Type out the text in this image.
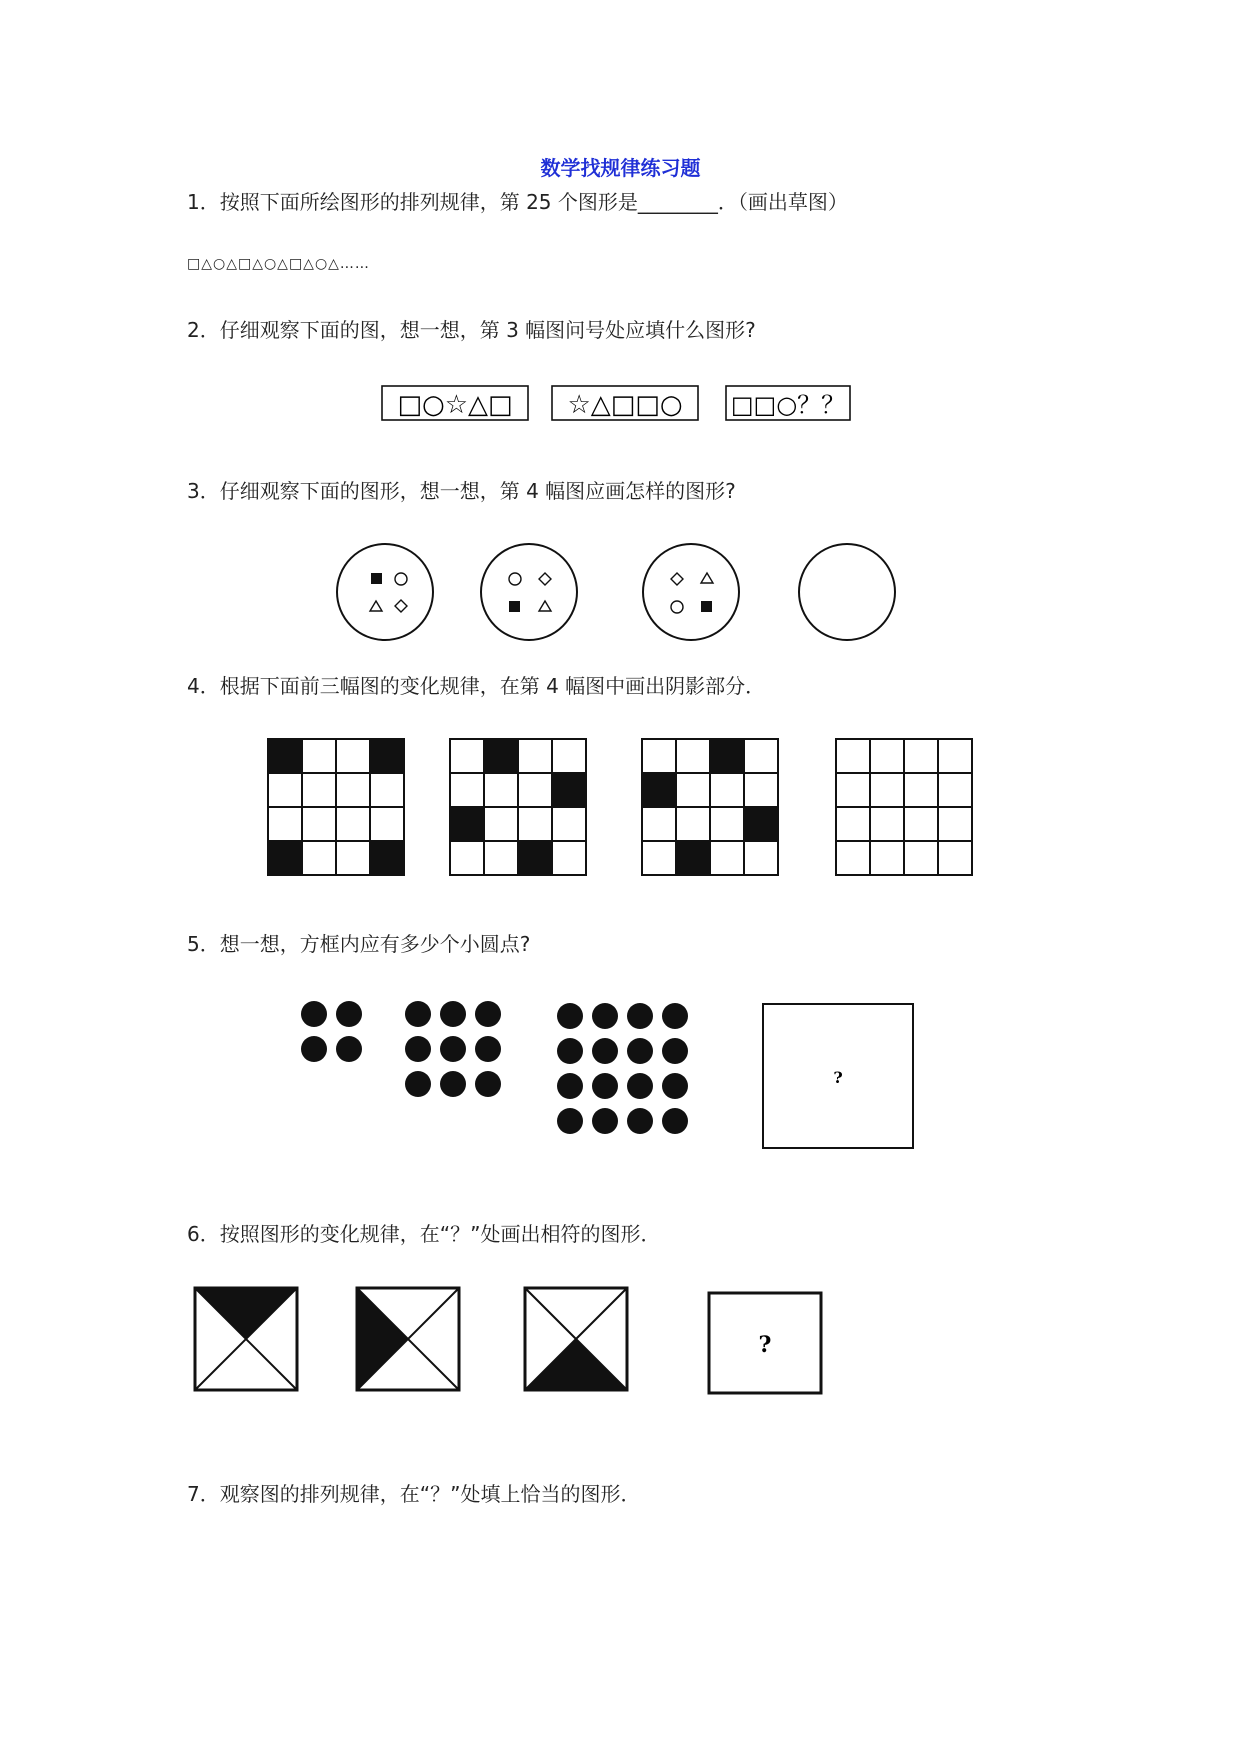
数学找规律练习题
1．按照下面所绘图形的排列规律，第 25 个图形是________．（画出草图）
□△○△□△○△□△○△……
2．仔细观察下面的图，想一想，第 3 幅图问号处应填什么图形?
□○☆△□ ☆△□□○ □□○？？
3．仔细观察下面的图形，想一想，第 4 幅图应画怎样的图形?
4．根据下面前三幅图的变化规律，在第 4 幅图中画出阴影部分．
5．想一想，方框内应有多少个小圆点?
?
6．按照图形的变化规律，在“？”处画出相符的图形．
?
7．观察图的排列规律，在“？”处填上恰当的图形．
